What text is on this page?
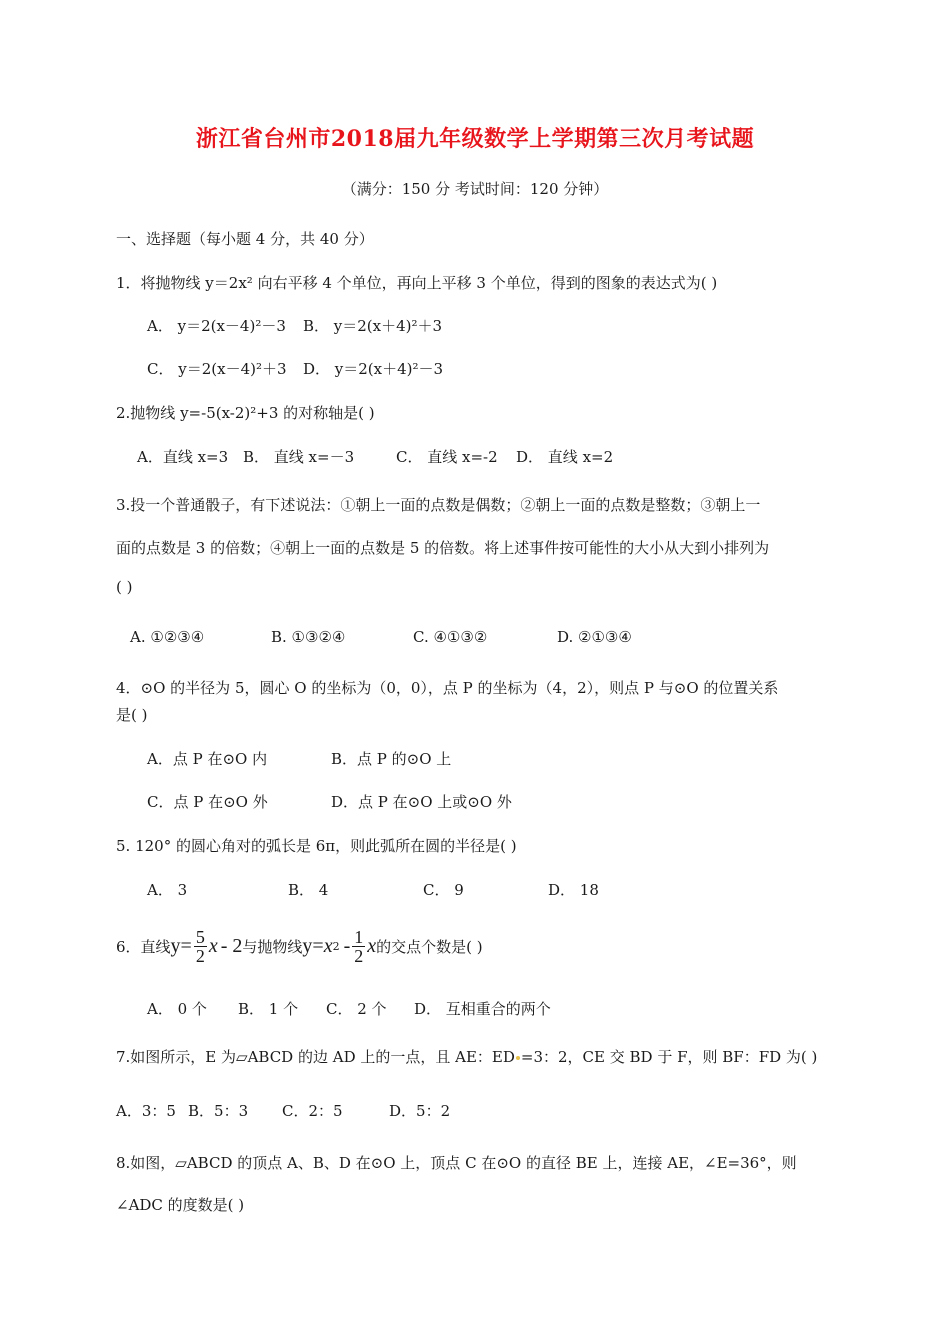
浙江省台州市2018届九年级数学上学期第三次月考试题
（满分：150 分 考试时间：120 分钟）
一、选择题（每小题 4 分，共 40 分）
1．将抛物线 y＝2x² 向右平移 4 个单位，再向上平移 3 个单位，得到的图象的表达式为( )
A． y＝2(x－4)²－3 B． y＝2(x＋4)²＋3
C． y＝2(x－4)²＋3 D． y＝2(x＋4)²－3
2.抛物线 y=-5(x-2)²+3 的对称轴是( )
A．直线 x=3 B． 直线 x=－3	C． 直线 x=-2 D． 直线 x=2
3.投一个普通骰子，有下述说法：①朝上一面的点数是偶数；②朝上一面的点数是整数；③朝上一
面的点数是 3 的倍数；④朝上一面的点数是 5 的倍数。将上述事件按可能性的大小从大到小排列为
( )
A. ①②③④	B. ①③②④	C. ④①③②	D. ②①③④
4．⊙O 的半径为 5，圆心 O 的坐标为（0，0），点 P 的坐标为（4，2），则点 P 与⊙O 的位置关系
是( )
A．点 P 在⊙O 内	B．点 P 的⊙O 上
C．点 P 在⊙O 外	D．点 P 在⊙O 上或⊙O 外
5. 120° 的圆心角对的弧长是 6π，则此弧所在圆的半径是( )
A． 3	B． 4	C． 9	D． 18
6．直线 $y = \frac{5}{2}$ x - 2 与抛物线 y = x $2 - \frac{1}{2}$ x 的交点个数是( )
A． 0 个 B． 1 个 C． 2 个 D． 互相重合的两个
7.如图所示，E 为▱ABCD 的边 AD 上的一点，且 AE：ED =3：2，CE 交 BD 于 F，则 BF：FD 为( )
A．3：5 B．5：3 C．2：5	D．5：2
8.如图，▱ABCD 的顶点 A、B、D 在⊙O 上，顶点 C 在⊙O 的直径 BE 上，连接 AE，∠E=36°，则
∠ADC 的度数是( )
